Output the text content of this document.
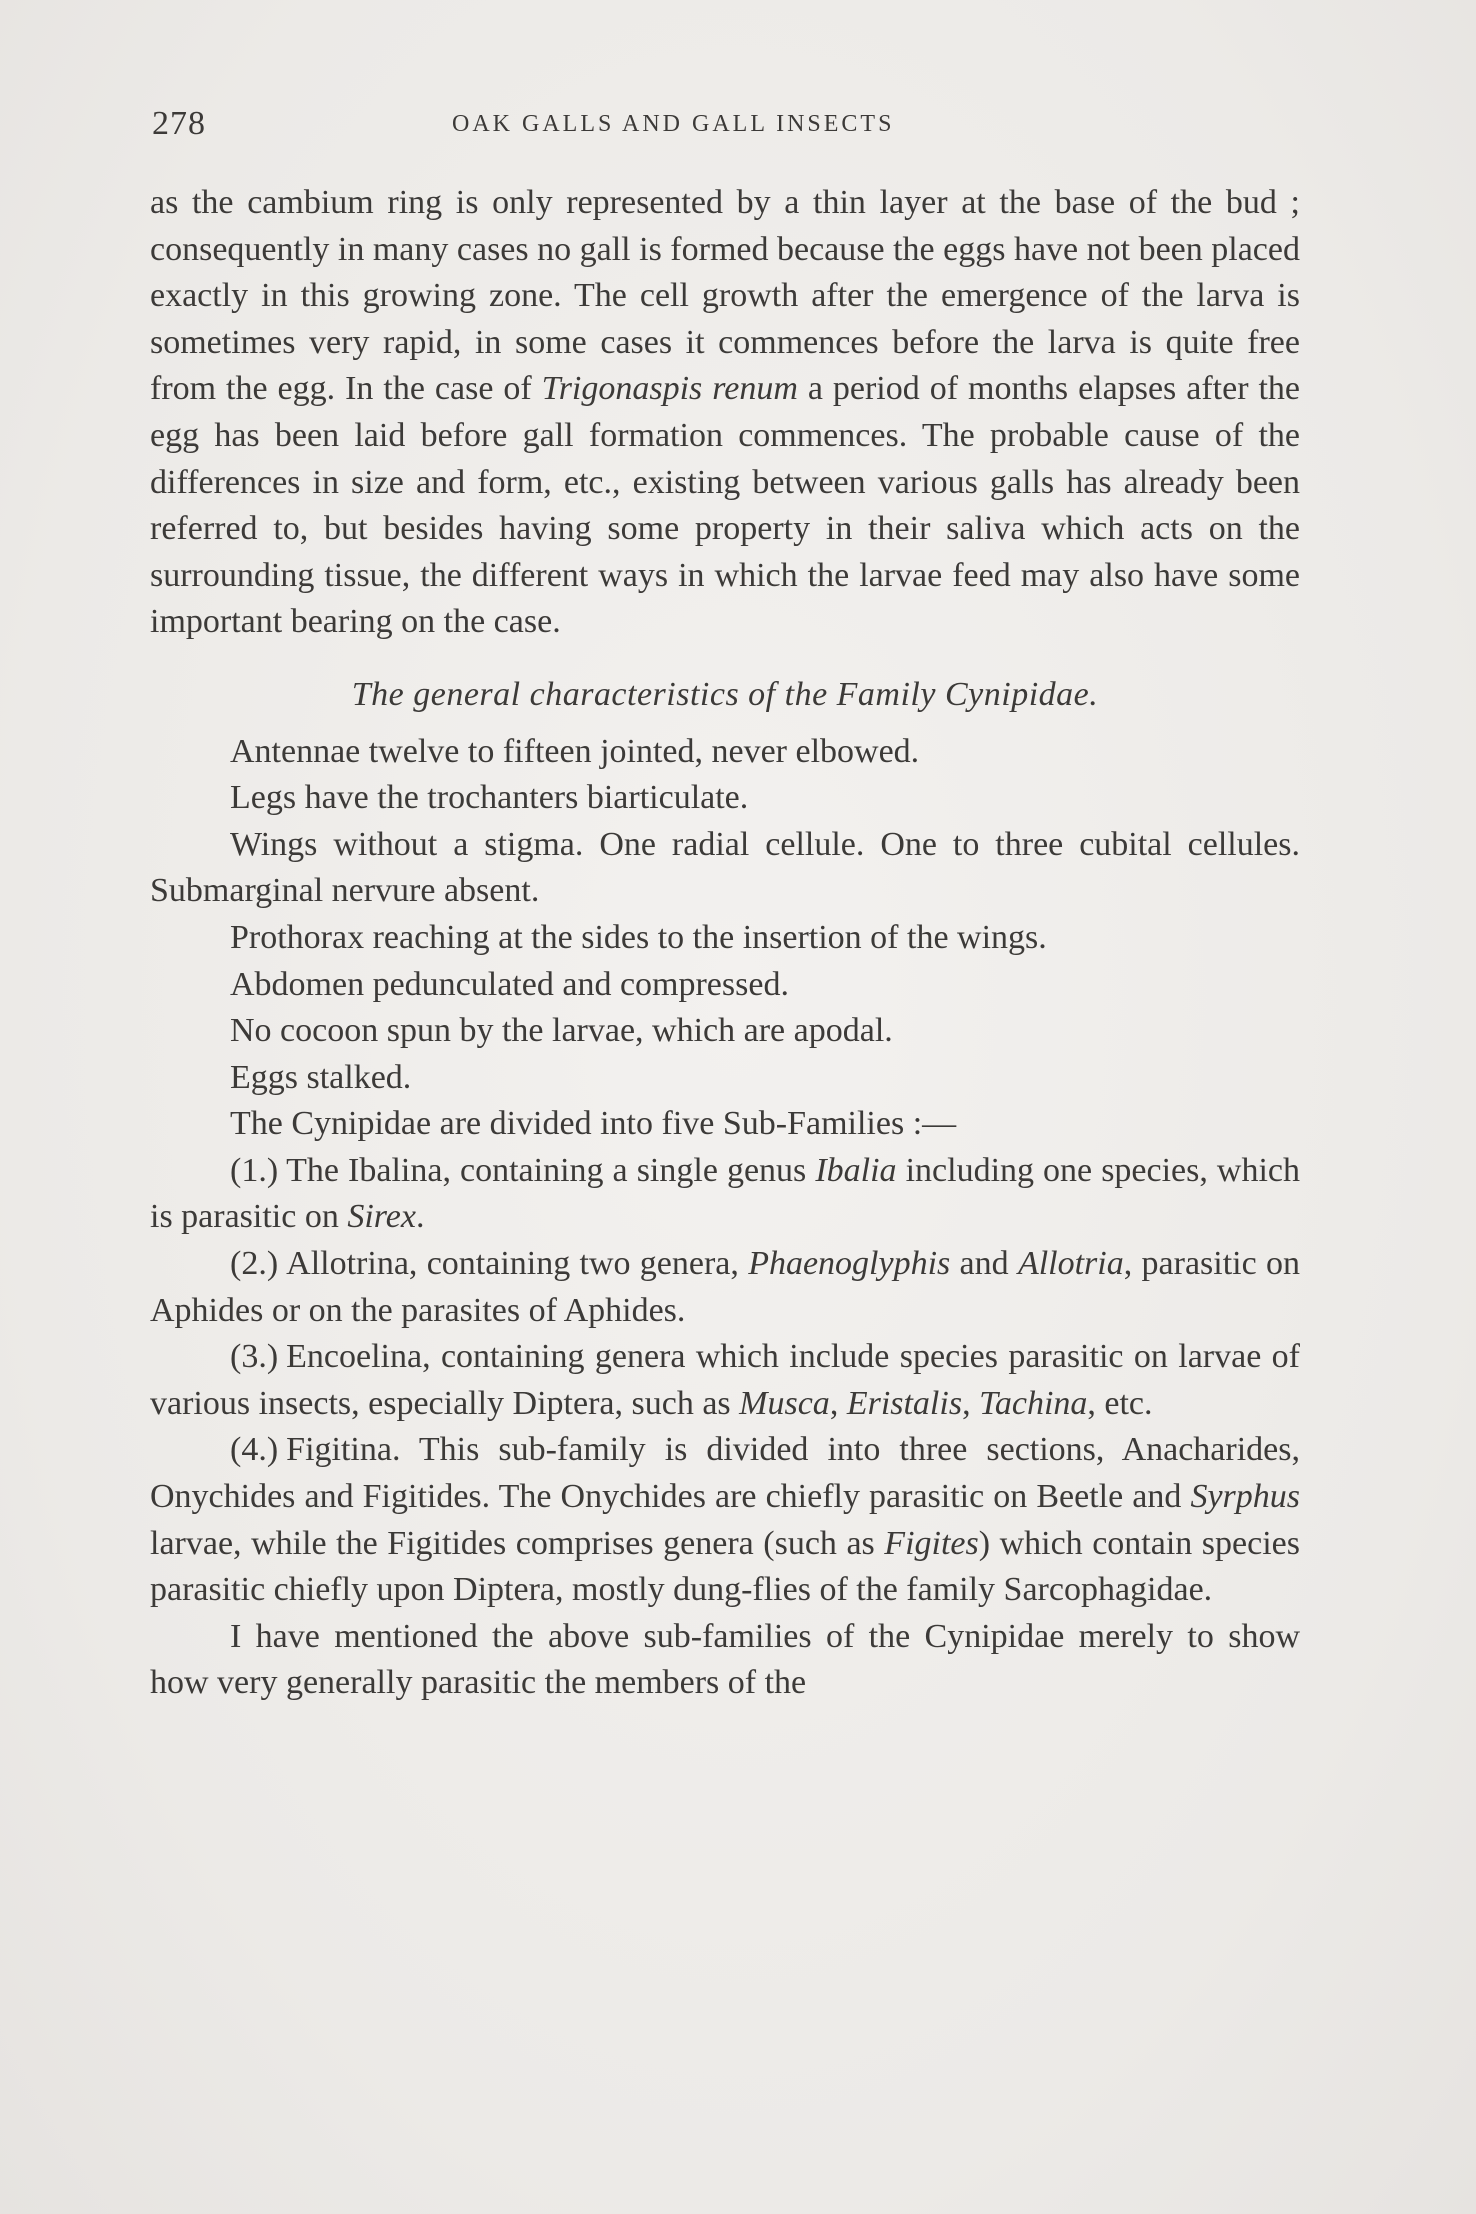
278	OAK GALLS AND GALL INSECTS

as the cambium ring is only represented by a thin layer at the base of the bud ; consequently in many cases no gall is formed because the eggs have not been placed exactly in this growing zone. The cell growth after the emergence of the larva is sometimes very rapid, in some cases it commences before the larva is quite free from the egg. In the case of Trigonaspis renum a period of months elapses after the egg has been laid before gall formation commences. The probable cause of the differences in size and form, etc., existing between various galls has already been referred to, but besides having some property in their saliva which acts on the surrounding tissue, the different ways in which the larvae feed may also have some important bearing on the case.

The general characteristics of the Family Cynipidae.

Antennae twelve to fifteen jointed, never elbowed.

Legs have the trochanters biarticulate.

Wings without a stigma. One radial cellule. One to three cubital cellules. Submarginal nervure absent.

Prothorax reaching at the sides to the insertion of the wings.

Abdomen pedunculated and compressed.

No cocoon spun by the larvae, which are apodal.

Eggs stalked.

The Cynipidae are divided into five Sub-Families :—

(1.) The Ibalina, containing a single genus Ibalia including one species, which is parasitic on Sirex.

(2.) Allotrina, containing two genera, Phaenoglyphis and Allotria, parasitic on Aphides or on the parasites of Aphides.

(3.) Encoelina, containing genera which include species parasitic on larvae of various insects, especially Diptera, such as Musca, Eristalis, Tachina, etc.

(4.) Figitina. This sub-family is divided into three sections, Anacharides, Onychides and Figitides. The Onychides are chiefly parasitic on Beetle and Syrphus larvae, while the Figitides comprises genera (such as Figites) which contain species parasitic chiefly upon Diptera, mostly dung-flies of the family Sarcophagidae.

I have mentioned the above sub-families of the Cynipidae merely to show how very generally parasitic the members of the
